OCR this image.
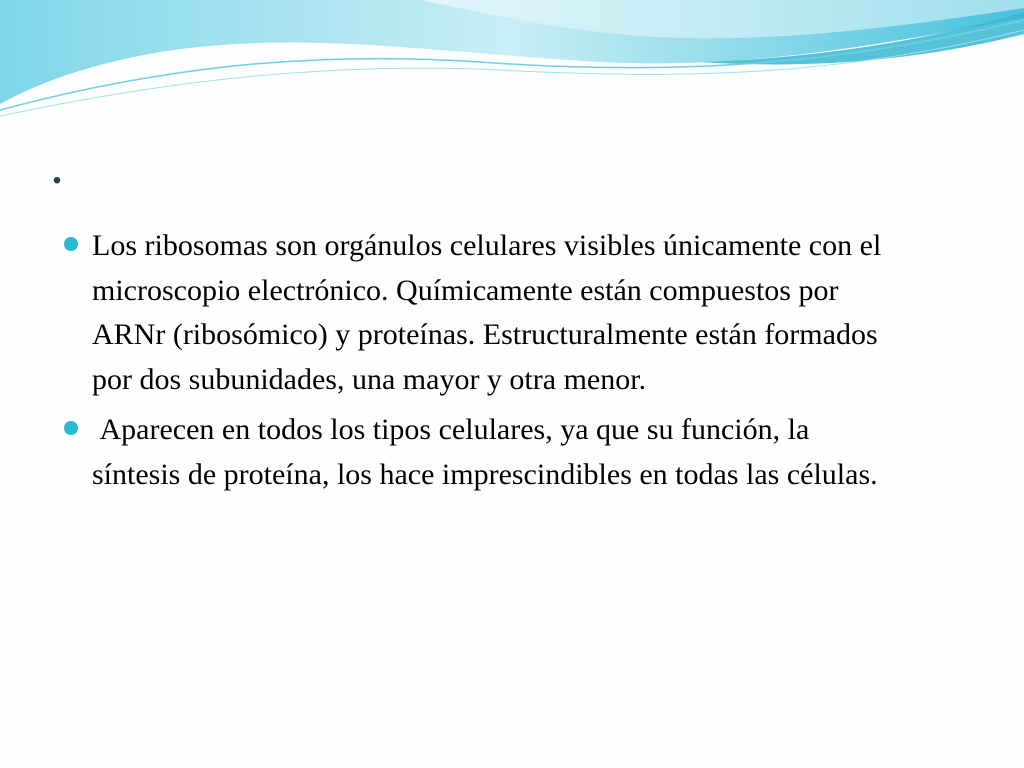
.

Los ribosomas son orgánulos celulares visibles únicamente con el microscopio electrónico. Químicamente están compuestos por ARNr (ribosómico) y proteínas. Estructuralmente están formados por dos subunidades, una mayor y otra menor.

Aparecen en todos los tipos celulares, ya que su función, la síntesis de proteína, los hace imprescindibles en todas las células.
